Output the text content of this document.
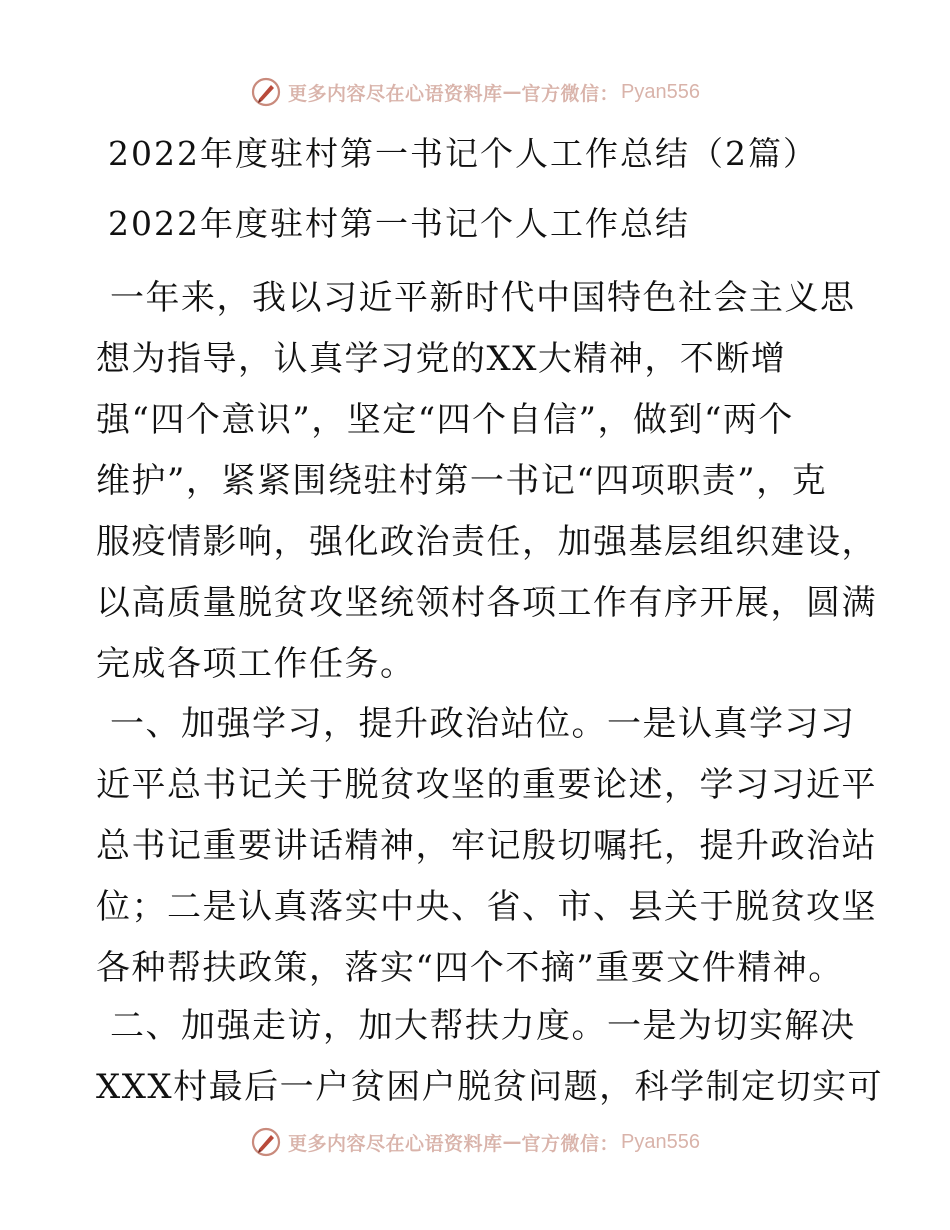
更多内容尽在心语资料库 — 官方微信： Pyan556
2022年度驻村第一书记个人工作总结（2篇）
2022年度驻村第一书记个人工作总结

一年来，我以习近平新时代中国特色社会主义思
想为指导，认真学习党的XX大精神，不断增
强“四个意识”，坚定“四个自信”，做到“两个
维护”，紧紧围绕驻村第一书记“四项职责”，克
服疫情影响，强化政治责任，加强基层组织建设，
以高质量脱贫攻坚统领村各项工作有序开展，圆满
完成各项工作任务。

一、加强学习，提升政治站位。一是认真学习习
近平总书记关于脱贫攻坚的重要论述，学习习近平
总书记重要讲话精神，牢记殷切嘱托，提升政治站
位；二是认真落实中央、省、市、县关于脱贫攻坚
各种帮扶政策，落实“四个不摘”重要文件精神。

二、加强走访，加大帮扶力度。一是为切实解决
XXX村最后一户贫困户脱贫问题，科学制定切实可

更多内容尽在心语资料库 — 官方微信： Pyan556
